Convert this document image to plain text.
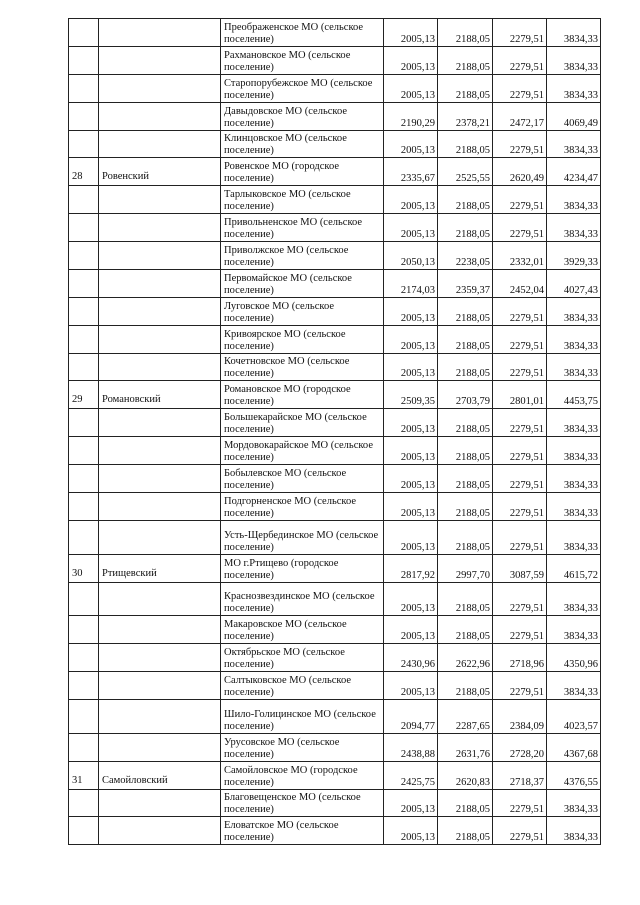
		Преображенское МО (сельское поселение)	2005,13	2188,05	2279,51	3834,33
		Рахмановское МО (сельское поселение)	2005,13	2188,05	2279,51	3834,33
		Старопорубежское МО (сельское поселение)	2005,13	2188,05	2279,51	3834,33
		Давыдовское МО (сельское поселение)	2190,29	2378,21	2472,17	4069,49
		Клинцовское МО (сельское поселение)	2005,13	2188,05	2279,51	3834,33
28	Ровенский	Ровенское МО (городское поселение)	2335,67	2525,55	2620,49	4234,47
		Тарлыковское МО (сельское поселение)	2005,13	2188,05	2279,51	3834,33
		Привольненское МО (сельское поселение)	2005,13	2188,05	2279,51	3834,33
		Приволжское МО (сельское поселение)	2050,13	2238,05	2332,01	3929,33
		Первомайское МО (сельское поселение)	2174,03	2359,37	2452,04	4027,43
		Луговское МО (сельское поселение)	2005,13	2188,05	2279,51	3834,33
		Кривоярское МО (сельское поселение)	2005,13	2188,05	2279,51	3834,33
		Кочетновское МО (сельское поселение)	2005,13	2188,05	2279,51	3834,33
29	Романовский	Романовское МО (городское поселение)	2509,35	2703,79	2801,01	4453,75
		Большекарайское МО (сельское поселение)	2005,13	2188,05	2279,51	3834,33
		Мордовокарайское МО (сельское поселение)	2005,13	2188,05	2279,51	3834,33
		Бобылевское МО (сельское поселение)	2005,13	2188,05	2279,51	3834,33
		Подгорненское МО (сельское поселение)	2005,13	2188,05	2279,51	3834,33
		Усть-Щербединское МО (сельское поселение)	2005,13	2188,05	2279,51	3834,33
30	Ртищевский	МО г.Ртищево (городское поселение)	2817,92	2997,70	3087,59	4615,72
		Краснозвездинское МО (сельское поселение)	2005,13	2188,05	2279,51	3834,33
		Макаровское МО (сельское поселение)	2005,13	2188,05	2279,51	3834,33
		Октябрьское МО (сельское поселение)	2430,96	2622,96	2718,96	4350,96
		Салтыковское МО (сельское поселение)	2005,13	2188,05	2279,51	3834,33
		Шило-Голицинское МО (сельское поселение)	2094,77	2287,65	2384,09	4023,57
		Урусовское МО (сельское поселение)	2438,88	2631,76	2728,20	4367,68
31	Самойловский	Самойловское МО (городское поселение)	2425,75	2620,83	2718,37	4376,55
		Благовещенское МО (сельское поселение)	2005,13	2188,05	2279,51	3834,33
		Еловатское МО (сельское поселение)	2005,13	2188,05	2279,51	3834,33
